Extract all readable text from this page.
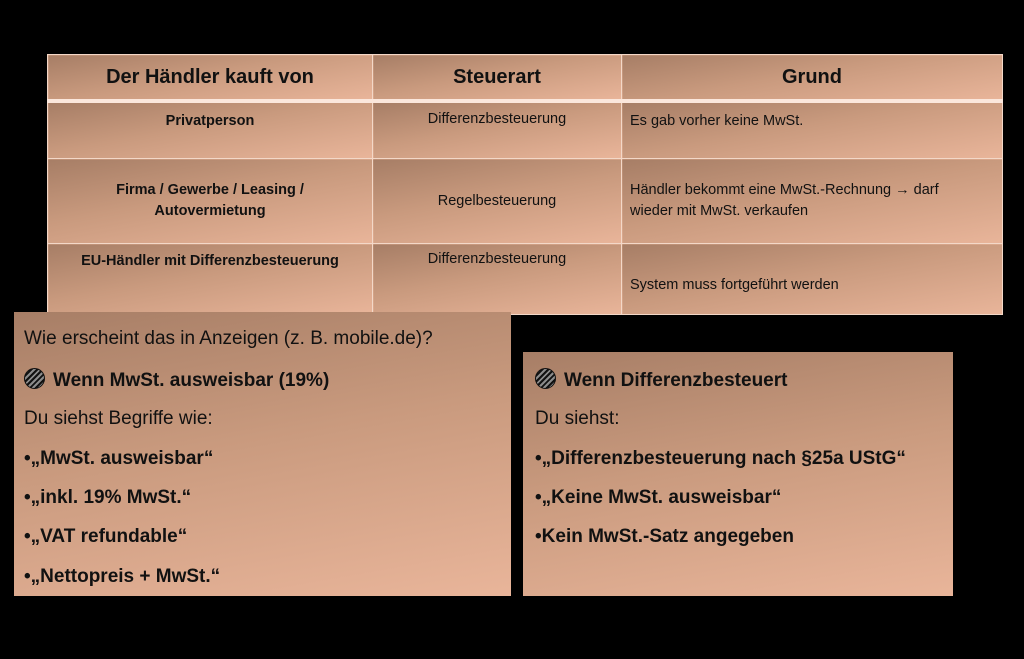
Der Händler kauft von	Steuerart	Grund

Privatperson	Differenzbesteuerung	Es gab vorher keine MwSt.

Firma / Gewerbe / Leasing /
Autovermietung	Regelbesteuerung	Händler bekommt eine MwSt.-Rechnung → darf
wieder mit MwSt. verkaufen

EU-Händler mit Differenzbesteuerung	Differenzbesteuerung	System muss fortgeführt werden
Wie erscheint das in Anzeigen (z. B. mobile.de)?
Wenn MwSt. ausweisbar (19%)
Du siehst Begriffe wie:
•„MwSt. ausweisbar“
•„inkl. 19% MwSt.“
•„VAT refundable“
•„Nettopreis + MwSt.“
Wenn Differenzbesteuert
Du siehst:
•„Differenzbesteuerung nach §25a UStG“
•„Keine MwSt. ausweisbar“
•Kein MwSt.-Satz angegeben
